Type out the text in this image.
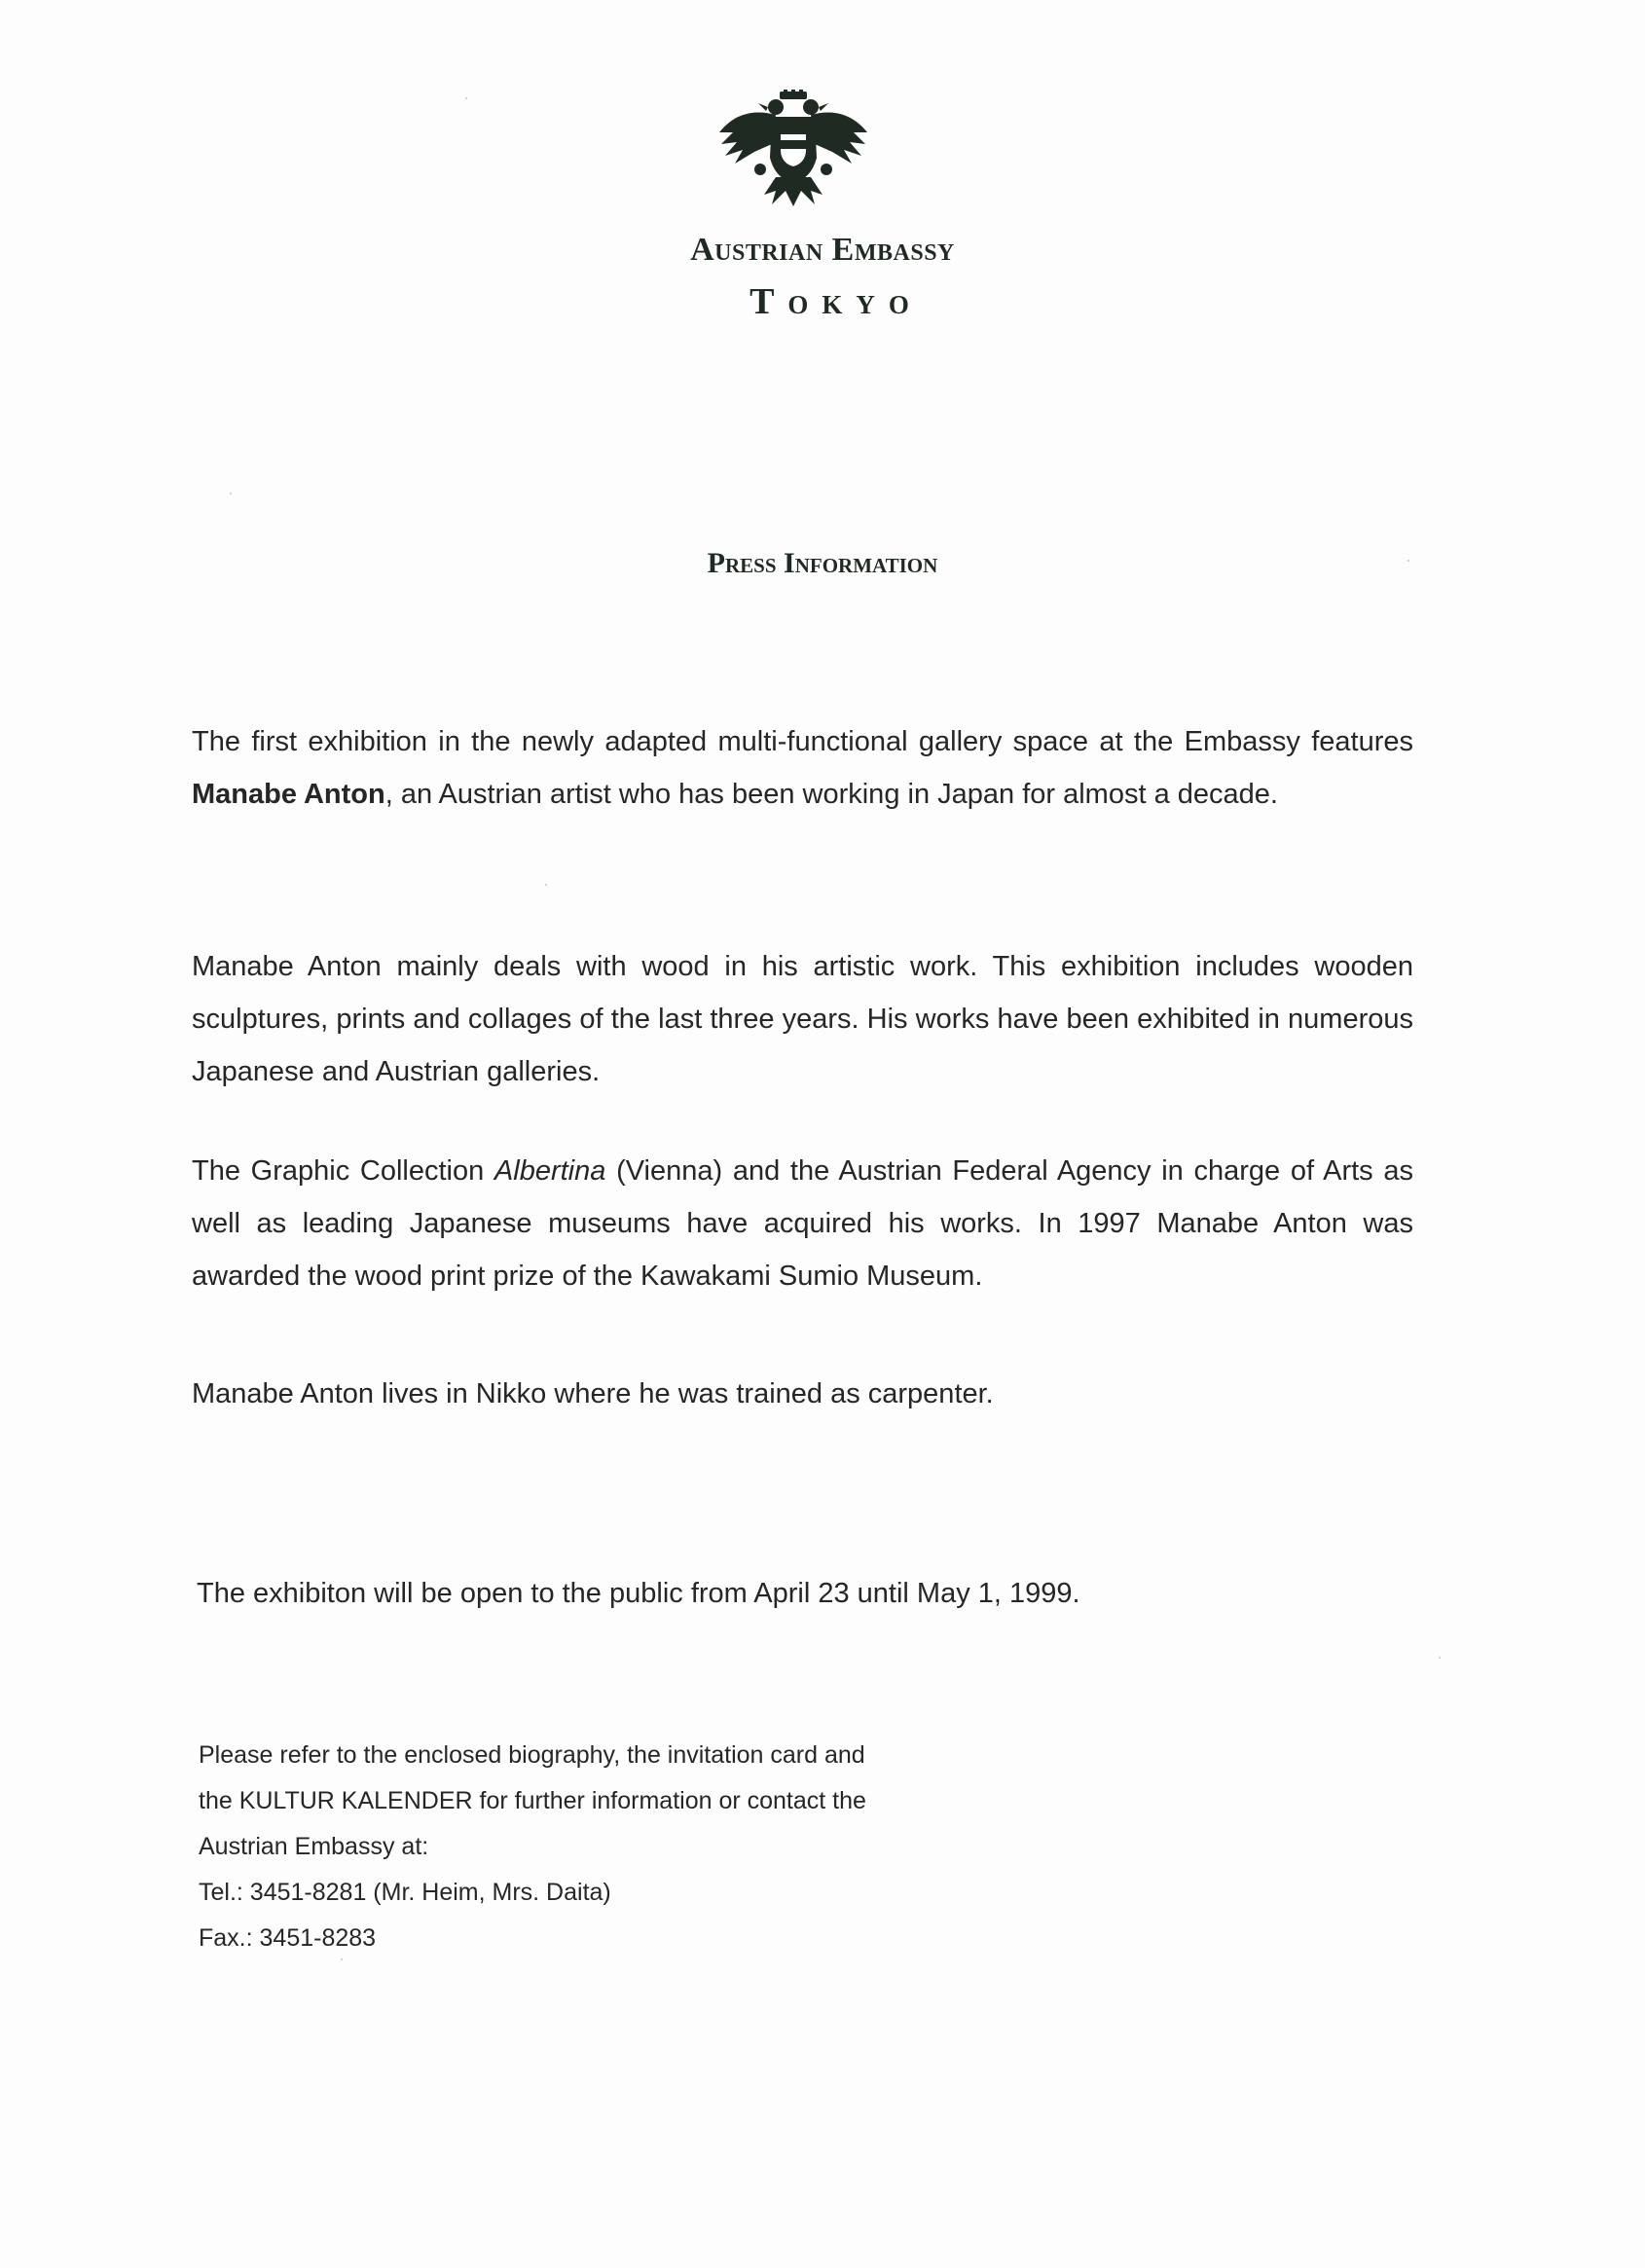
Austrian Embassy
Tokyo
Press Information

The first exhibition in the newly adapted multi-functional gallery space at the Embassy features Manabe Anton, an Austrian artist who has been working in Japan for almost a decade.

Manabe Anton mainly deals with wood in his artistic work. This exhibition includes wooden sculptures, prints and collages of the last three years. His works have been exhibited in numerous Japanese and Austrian galleries.

The Graphic Collection Albertina (Vienna) and the Austrian Federal Agency in charge of Arts as well as leading Japanese museums have acquired his works. In 1997 Manabe Anton was awarded the wood print prize of the Kawakami Sumio Museum.

Manabe Anton lives in Nikko where he was trained as carpenter.

The exhibiton will be open to the public from April 23 until May 1, 1999.

Please refer to the enclosed biography, the invitation card and
the KULTUR KALENDER for further information or contact the
Austrian Embassy at:
Tel.: 3451-8281 (Mr. Heim, Mrs. Daita)
Fax.: 3451-8283
